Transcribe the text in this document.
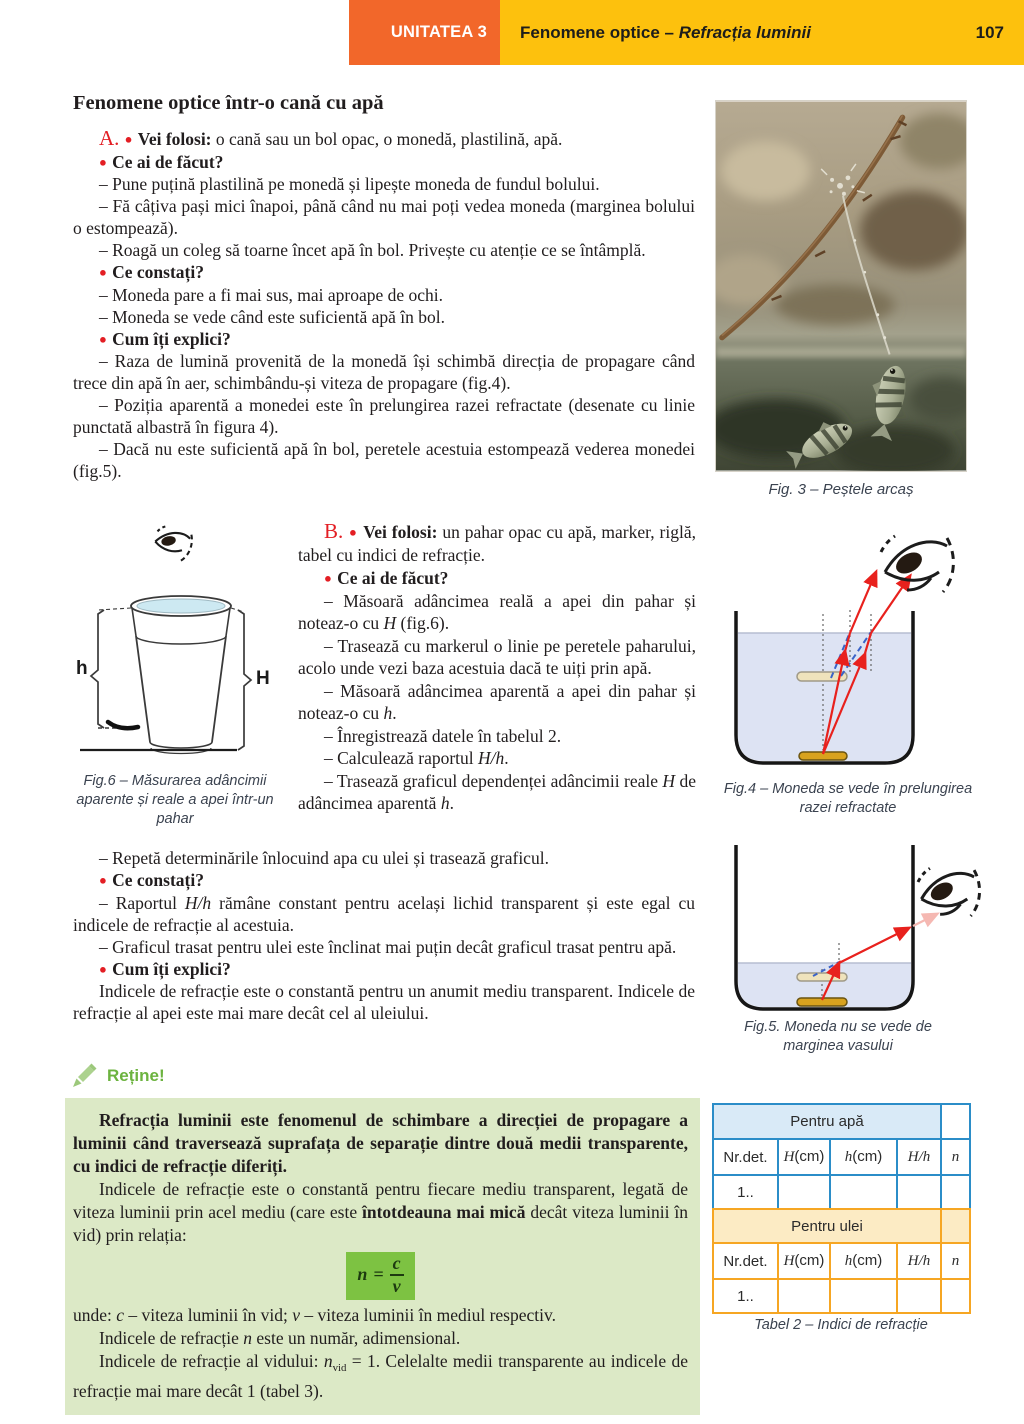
UNITATEA 3 Fenomene optice – Refracția luminii	107
Fenomene optice într-o cană cu apă

A. ● Vei folosi: o cană sau un bol opac, o monedă, plastilină, apă.

● Ce ai de făcut?

– Pune puțină plastilină pe monedă și lipește moneda de fundul bolului.

– Fă câțiva pași mici înapoi, până când nu mai poți vedea moneda (marginea bolului o estompează).

– Roagă un coleg să toarne încet apă în bol. Privește cu atenție ce se întâmplă.

● Ce constați?

– Moneda pare a fi mai sus, mai aproape de ochi.

– Moneda se vede când este suficientă apă în bol.

● Cum îți explici?

– Raza de lumină provenită de la monedă își schimbă direcția de propagare când trece din apă în aer, schimbându-și viteza de propagare (fig.4).

– Poziția aparentă a monedei este în prelungirea razei refractate (desenate cu linie punctată albastră în figura 4).

– Dacă nu este suficientă apă în bol, peretele acestuia estompează vederea monedei (fig.5).

B. ● Vei folosi: un pahar opac cu apă, marker, riglă, tabel cu indici de refracție.

● Ce ai de făcut?

– Măsoară adâncimea reală a apei din pahar și noteaz-o cu H (fig.6).

– Trasează cu markerul o linie pe peretele paharului, acolo unde vezi baza acestuia dacă te uiți prin apă.

– Măsoară adâncimea aparentă a apei din pahar și noteaz-o cu h.

– Înregistrează datele în tabelul 2.

– Calculează raportul H/h.

– Trasează graficul dependenței adâncimii reale H de adâncimea aparentă h.

– Repetă determinările înlocuind apa cu ulei și trasează graficul.

● Ce constați?

– Raportul H/h rămâne constant pentru același lichid transparent și este egal cu indicele de refracție al acestuia.

– Graficul trasat pentru ulei este înclinat mai puțin decât graficul trasat pentru apă.

● Cum îți explici?

Indicele de refracție este o constantă pentru un anumit mediu transparent. Indicele de refracție al apei este mai mare decât cel al uleiului.

Reține!

Refracția luminii este fenomenul de schimbare a direcției de propagare a luminii când traversează suprafața de separație dintre două medii transparente, cu indici de refracție diferiți.

Indicele de refracție este o constantă pentru fiecare mediu transparent, legată de viteza luminii prin acel mediu (care este întotdeauna mai mică decât viteza luminii în vid) prin relația:

$n = \frac{c}{v}$

unde: c – viteza luminii în vid; v – viteza luminii în mediul respectiv.

Indicele de refracție n este un număr, adimensional.

Indicele de refracție al vidului: $n_{vid} = 1$. Celelalte medii transparente au indicele de refracție mai mare decât 1 (tabel 3).

h	H
Fig.6 – Măsurarea adâncimii aparente și reale a apei într-un pahar
Fig. 3 – Peștele arcaș
Fig.4 – Moneda se vede în prelungirea razei refractate
Fig.5. Moneda nu se vede de marginea vasului
Pentru apă				
Nr.det.	H(cm)	h(cm)	H/h	n
1..				
Pentru ulei				
Nr.det.	H(cm)	h(cm)	H/h	n
1..				
Tabel 2 – Indici de refracție
